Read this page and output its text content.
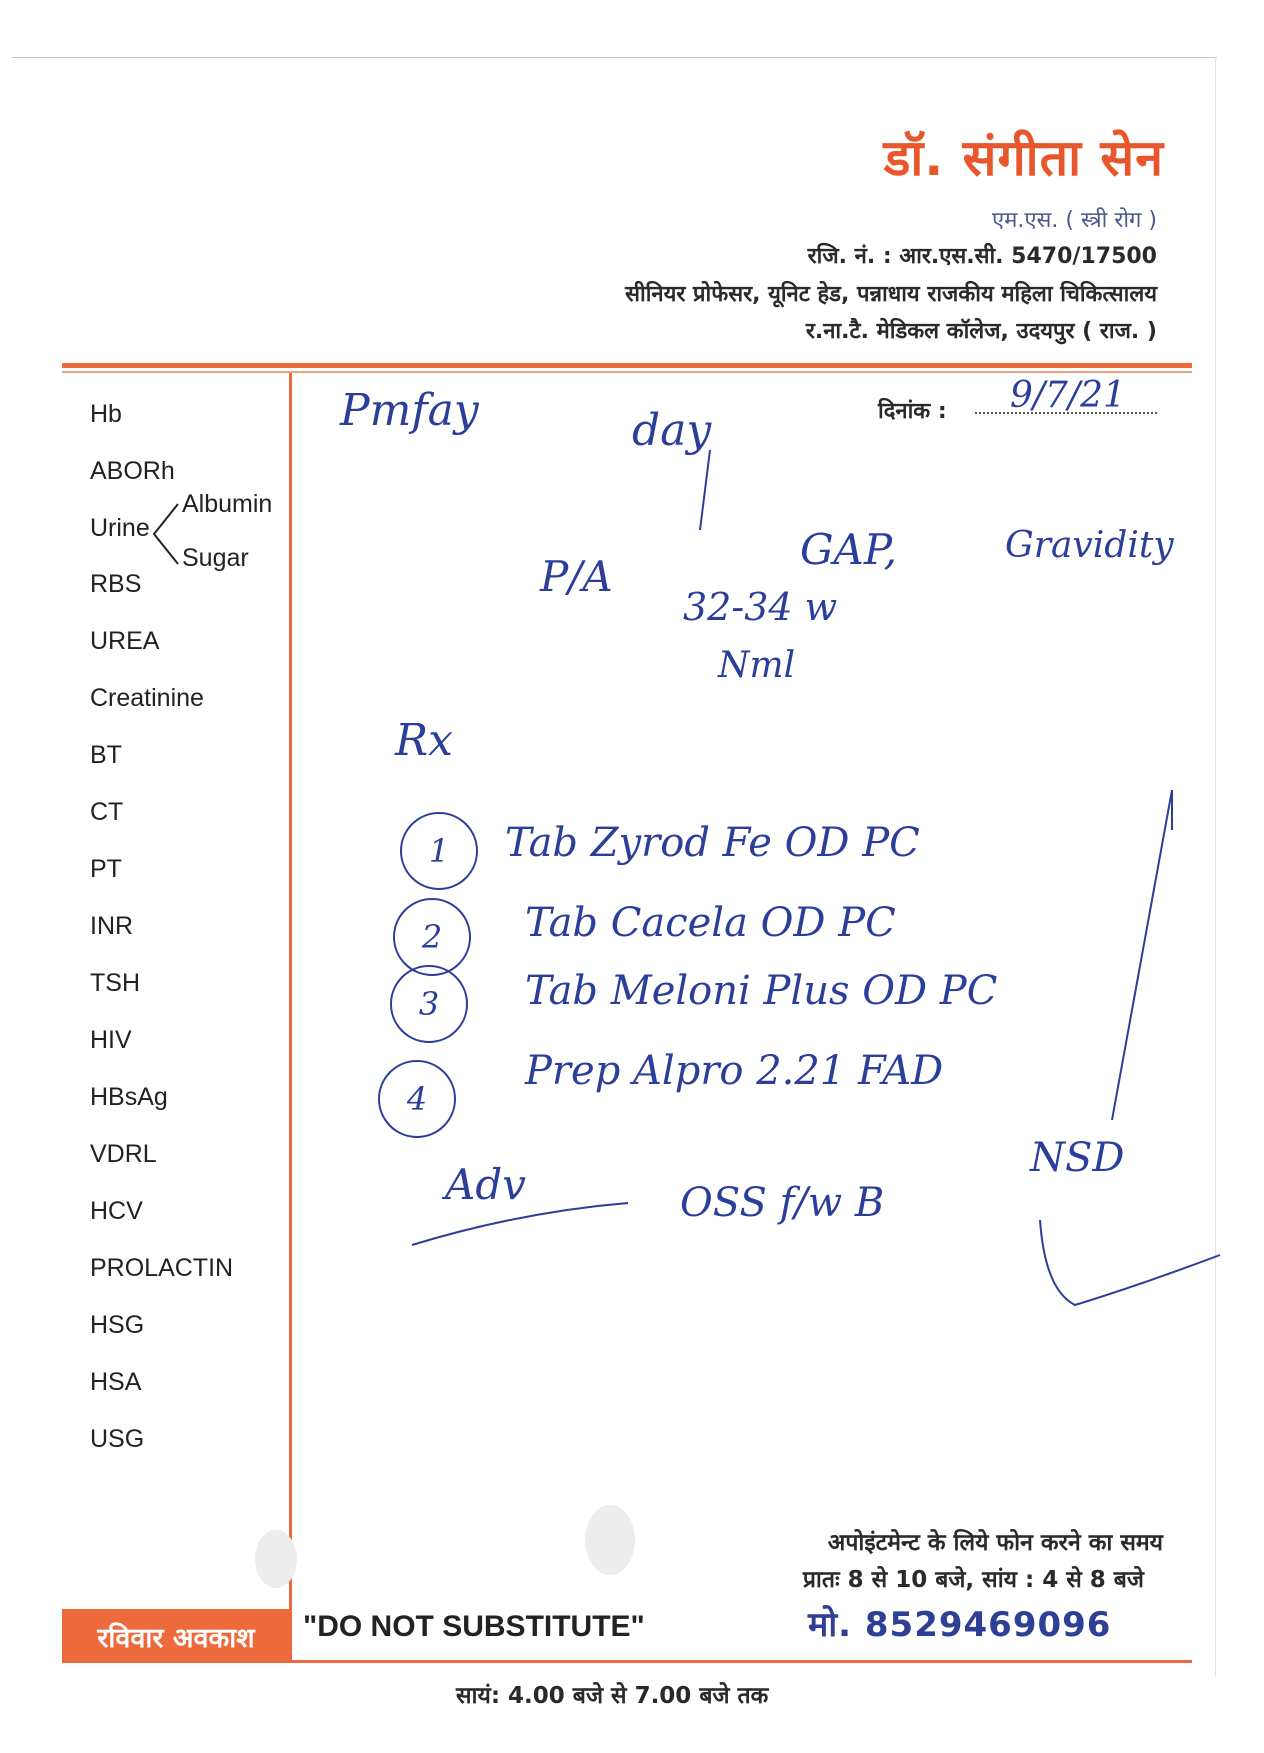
डॉ. संगीता सेन
एम.एस. ( स्त्री रोग )
रजि. नं. : आर.एस.सी. 5470/17500
सीनियर प्रोफेसर, यूनिट हेड, पन्नाधाय राजकीय महिला चिकित्सालय
र.ना.टै. मेडिकल कॉलेज, उदयपुर ( राज. )
Hb
ABORh
RBS
UREA
Creatinine
BT
CT
PT
INR
TSH
HIV
HBsAg
VDRL
HCV
PROLACTIN
HSG
HSA
USG
Urine
Albumin
Sugar
दिनांक : 9/7/21
Pmfay	day
P/A
GAP,	Gravidity
32-34 w
Nml
Rx
1 Tab Zyrod Fe OD PC
2 Tab Cacela OD PC
3 Tab Meloni Plus OD PC
4
Prep Alpro 2.21 FAD
Adv	OSS f/w B
NSD
अपोइंटमेन्ट के लिये फोन करने का समय
प्रातः 8 से 10 बजे, सांय : 4 से 8 बजे
मो. 8529469096
रविवार अवकाश "DO NOT SUBSTITUTE"
सायं: 4.00 बजे से 7.00 बजे तक
